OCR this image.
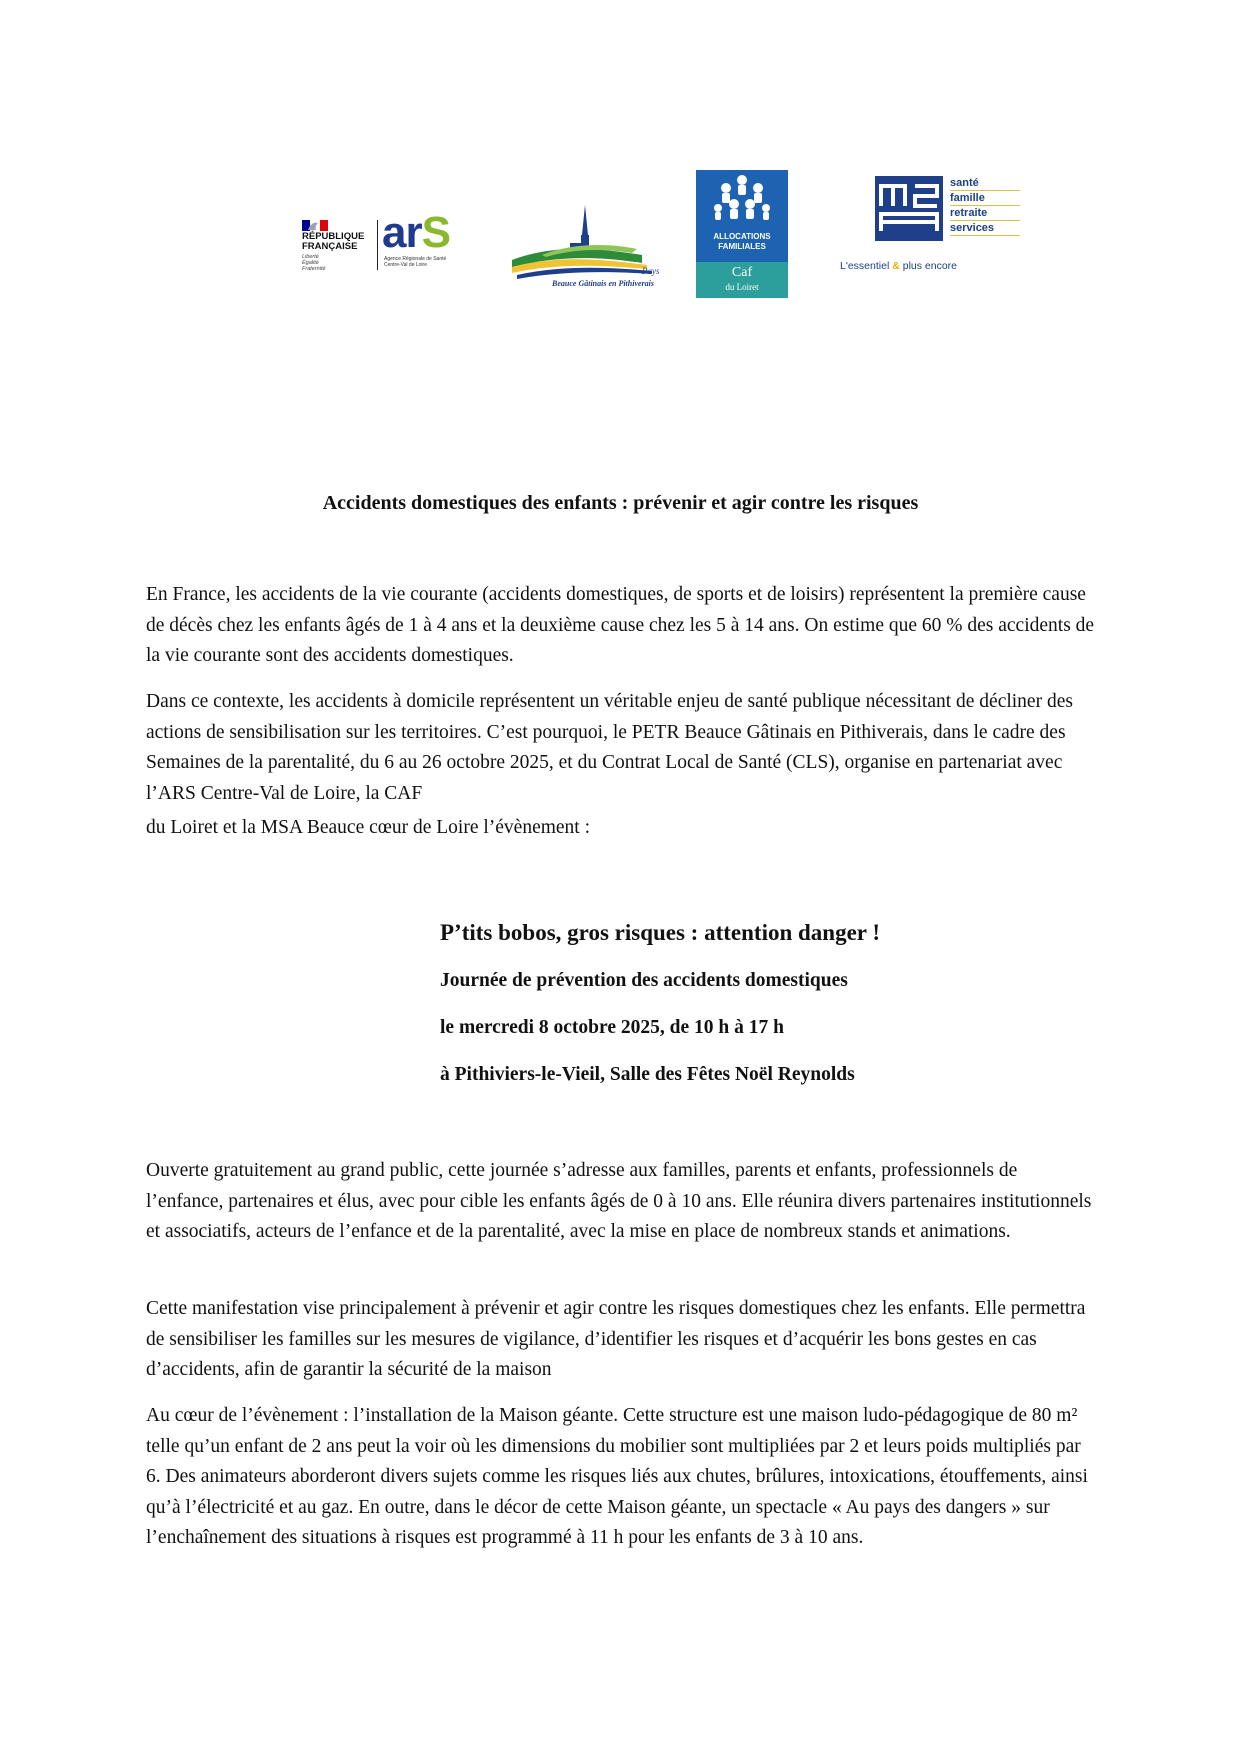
RÉPUBLIQUE
FRANÇAISE
Liberté
Égalité
Fraternité
arS
Agence Régionale de Santé
Centre-Val de Loire
Pays
Beauce Gâtinais en Pithiverais
ALLOCATIONS
FAMILIALES
Caf
du Loiret
santé
famille
retraite
services
L'essentiel & plus encore
Accidents domestiques des enfants : prévenir et agir contre les risques

En France, les accidents de la vie courante (accidents domestiques, de sports et de loisirs) représentent la première cause de décès chez les enfants âgés de 1 à 4 ans et la deuxième cause chez les 5 à 14 ans. On estime que 60 % des accidents de la vie courante sont des accidents domestiques.

Dans ce contexte, les accidents à domicile représentent un véritable enjeu de santé publique nécessitant de décliner des actions de sensibilisation sur les territoires. C’est pourquoi, le PETR Beauce Gâtinais en Pithiverais, dans le cadre des Semaines de la parentalité, du 6 au 26 octobre 2025, et du Contrat Local de Santé (CLS), organise en partenariat avec l’ARS Centre-Val de Loire, la CAF
du Loiret et la MSA Beauce cœur de Loire l’évènement :

P’tits bobos, gros risques : attention danger !

Journée de prévention des accidents domestiques

le mercredi 8 octobre 2025, de 10 h à 17 h

à Pithiviers-le-Vieil, Salle des Fêtes Noël Reynolds

Ouverte gratuitement au grand public, cette journée s’adresse aux familles, parents et enfants, professionnels de l’enfance, partenaires et élus, avec pour cible les enfants âgés de 0 à 10 ans. Elle réunira divers partenaires institutionnels et associatifs, acteurs de l’enfance et de la parentalité, avec la mise en place de nombreux stands et animations.

Cette manifestation vise principalement à prévenir et agir contre les risques domestiques chez les enfants. Elle permettra de sensibiliser les familles sur les mesures de vigilance, d’identifier les risques et d’acquérir les bons gestes en cas d’accidents, afin de garantir la sécurité de la maison

Au cœur de l’évènement : l’installation de la Maison géante. Cette structure est une maison ludo-pédagogique de 80 m² telle qu’un enfant de 2 ans peut la voir où les dimensions du mobilier sont multipliées par 2 et leurs poids multipliés par 6. Des animateurs aborderont divers sujets comme les risques liés aux chutes, brûlures, intoxications, étouffements, ainsi qu’à l’électricité et au gaz. En outre, dans le décor de cette Maison géante, un spectacle « Au pays des dangers » sur l’enchaînement des situations à risques est programmé à 11 h pour les enfants de 3 à 10 ans.
